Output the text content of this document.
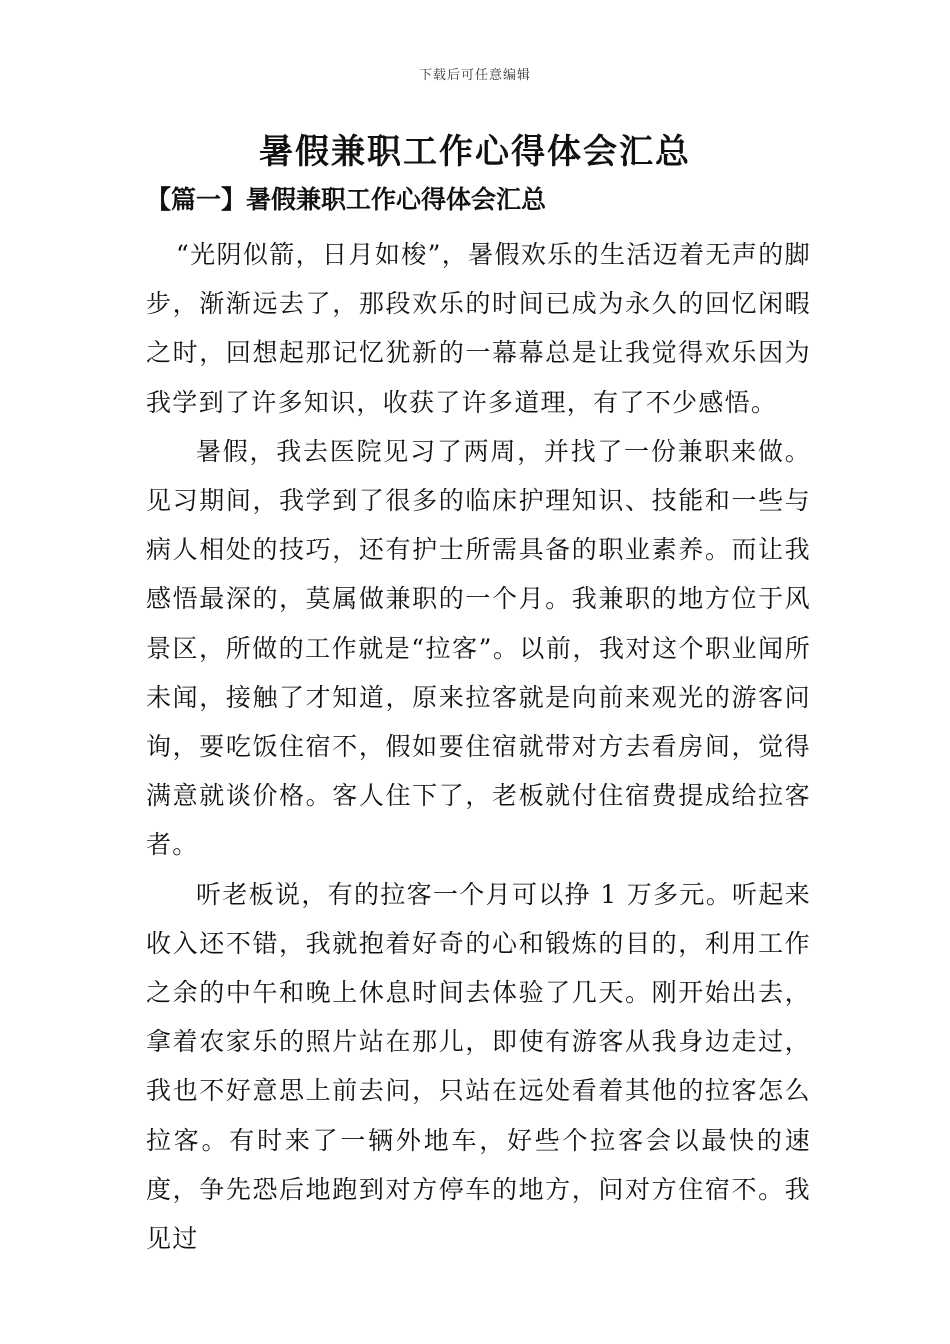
下载后可任意编辑
暑假兼职工作心得体会汇总
【篇一】暑假兼职工作心得体会汇总

“光阴似箭，日月如梭”，暑假欢乐的生活迈着无声的脚步，渐渐远去了，那段欢乐的时间已成为永久的回忆闲暇之时，回想起那记忆犹新的一幕幕总是让我觉得欢乐因为我学到了许多知识，收获了许多道理，有了不少感悟。

暑假，我去医院见习了两周，并找了一份兼职来做。见习期间，我学到了很多的临床护理知识、技能和一些与病人相处的技巧，还有护士所需具备的职业素养。而让我感悟最深的，莫属做兼职的一个月。我兼职的地方位于风景区，所做的工作就是“拉客”。以前，我对这个职业闻所未闻，接触了才知道，原来拉客就是向前来观光的游客问询，要吃饭住宿不，假如要住宿就带对方去看房间，觉得满意就谈价格。客人住下了，老板就付住宿费提成给拉客者。

听老板说，有的拉客一个月可以挣 1 万多元。听起来收入还不错，我就抱着好奇的心和锻炼的目的，利用工作之余的中午和晚上休息时间去体验了几天。刚开始出去，拿着农家乐的照片站在那儿，即使有游客从我身边走过，我也不好意思上前去问，只站在远处看着其他的拉客怎么拉客。有时来了一辆外地车，好些个拉客会以最快的速度，争先恐后地跑到对方停车的地方，问对方住宿不。我见过
